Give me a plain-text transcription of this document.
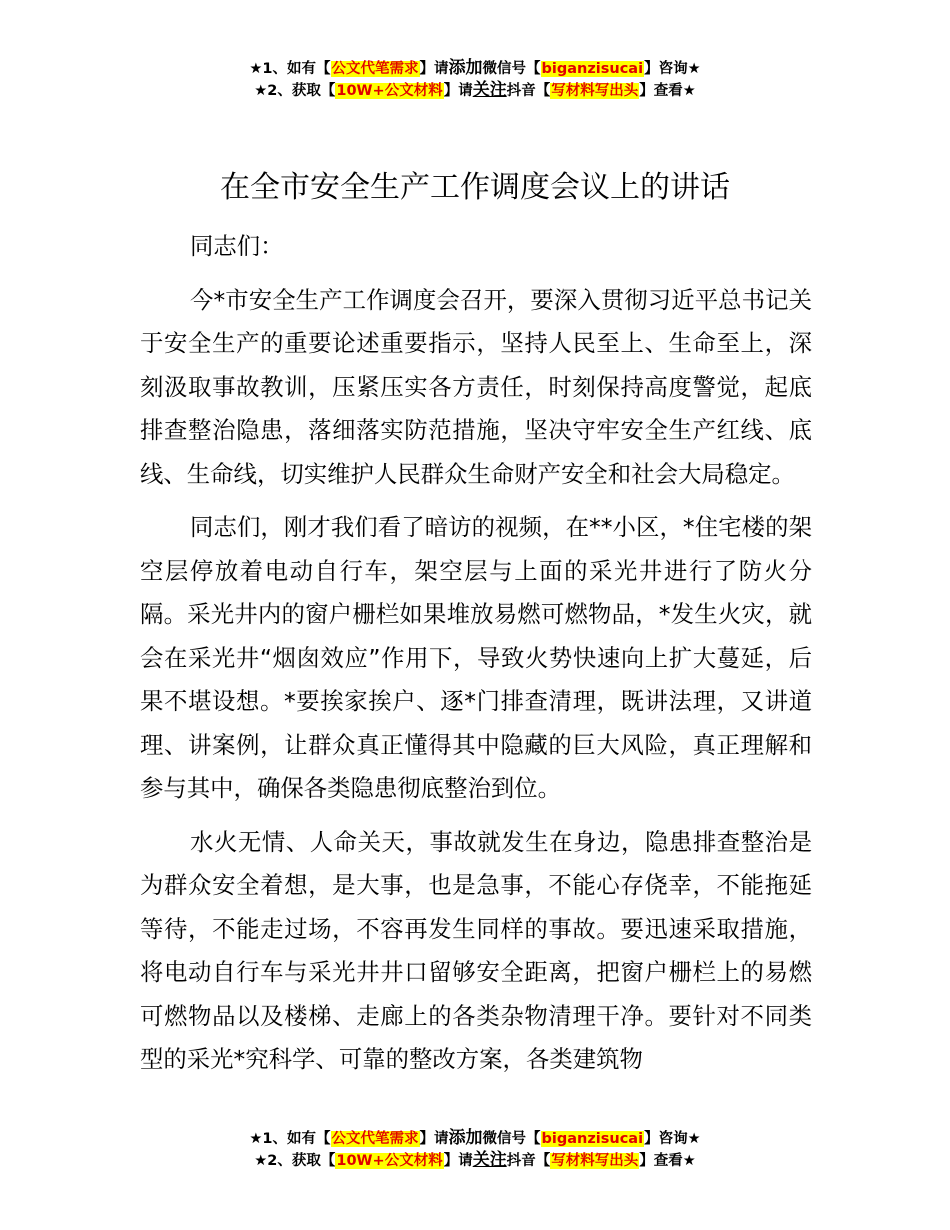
★1、如有【公文代笔需求】请添加微信号【biganzisucai】咨询★
★2、获取【10W+公文材料】请关注抖音【写材料写出头】查看★
在全市安全生产工作调度会议上的讲话

同志们：

今*市安全生产工作调度会召开，要深入贯彻习近平总书记关于安全生产的重要论述重要指示，坚持人民至上、生命至上，深刻汲取事故教训，压紧压实各方责任，时刻保持高度警觉，起底排查整治隐患，落细落实防范措施，坚决守牢安全生产红线、底线、生命线，切实维护人民群众生命财产安全和社会大局稳定。

同志们，刚才我们看了暗访的视频，在**小区，*住宅楼的架空层停放着电动自行车，架空层与上面的采光井进行了防火分隔。采光井内的窗户栅栏如果堆放易燃可燃物品，*发生火灾，就会在采光井“烟囱效应”作用下，导致火势快速向上扩大蔓延，后果不堪设想。*要挨家挨户、逐*门排查清理，既讲法理，又讲道理、讲案例，让群众真正懂得其中隐藏的巨大风险，真正理解和参与其中，确保各类隐患彻底整治到位。

水火无情、人命关天，事故就发生在身边，隐患排查整治是为群众安全着想，是大事，也是急事，不能心存侥幸，不能拖延等待，不能走过场，不容再发生同样的事故。要迅速采取措施，将电动自行车与采光井井口留够安全距离，把窗户栅栏上的易燃可燃物品以及楼梯、走廊上的各类杂物清理干净。要针对不同类型的采光*究科学、可靠的整改方案，各类建筑物

★1、如有【公文代笔需求】请添加微信号【biganzisucai】咨询★
★2、获取【10W+公文材料】请关注抖音【写材料写出头】查看★
